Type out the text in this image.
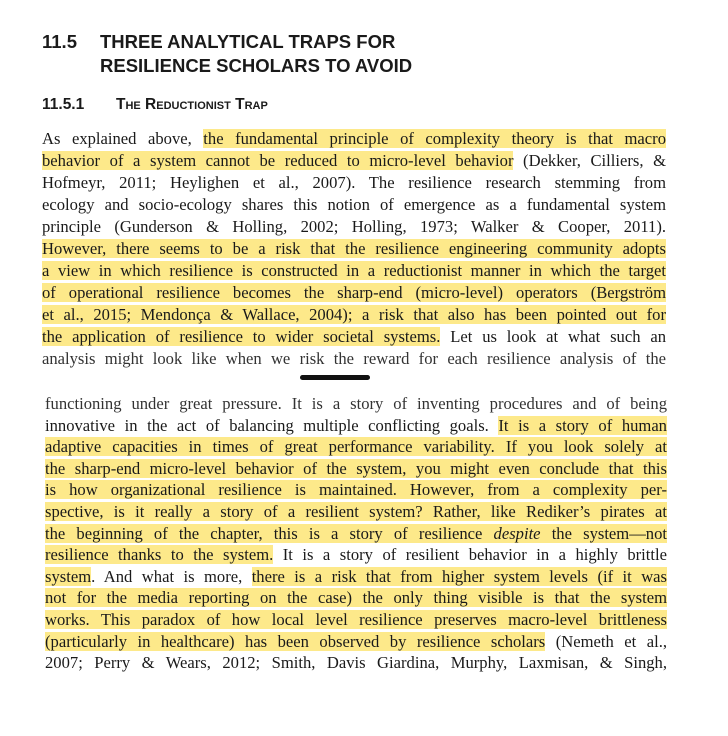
11.5 THREE ANALYTICAL TRAPS FOR
RESILIENCE SCHOLARS TO AVOID
11.5.1 The Reductionist Trap
As explained above, the fundamental principle of complexity theory is that macro
behavior of a system cannot be reduced to micro-level behavior (Dekker, Cilliers, &
Hofmeyr, 2011; Heylighen et al., 2007). The resilience research stemming from
ecology and socio-ecology shares this notion of emergence as a fundamental system
principle (Gunderson & Holling, 2002; Holling, 1973; Walker & Cooper, 2011).
However, there seems to be a risk that the resilience engineering community adopts
a view in which resilience is constructed in a reductionist manner in which the target
of operational resilience becomes the sharp-end (micro-level) operators (Bergström
et al., 2015; Mendonça & Wallace, 2004); a risk that also has been pointed out for
the application of resilience to wider societal systems. Let us look at what such an
analysis might look like when we risk the reward for each resilience analysis of the
functioning under great pressure. It is a story of inventing procedures and of being
innovative in the act of balancing multiple conflicting goals. It is a story of human
adaptive capacities in times of great performance variability. If you look solely at
the sharp-end micro-level behavior of the system, you might even conclude that this
is how organizational resilience is maintained. However, from a complexity per-
spective, is it really a story of a resilient system? Rather, like Rediker’s pirates at
the beginning of the chapter, this is a story of resilience despite the system—not
resilience thanks to the system. It is a story of resilient behavior in a highly brittle
system. And what is more, there is a risk that from higher system levels (if it was
not for the media reporting on the case) the only thing visible is that the system
works. This paradox of how local level resilience preserves macro-level brittleness
(particularly in healthcare) has been observed by resilience scholars (Nemeth et al.,
2007; Perry & Wears, 2012; Smith, Davis Giardina, Murphy, Laxmisan, & Singh,
